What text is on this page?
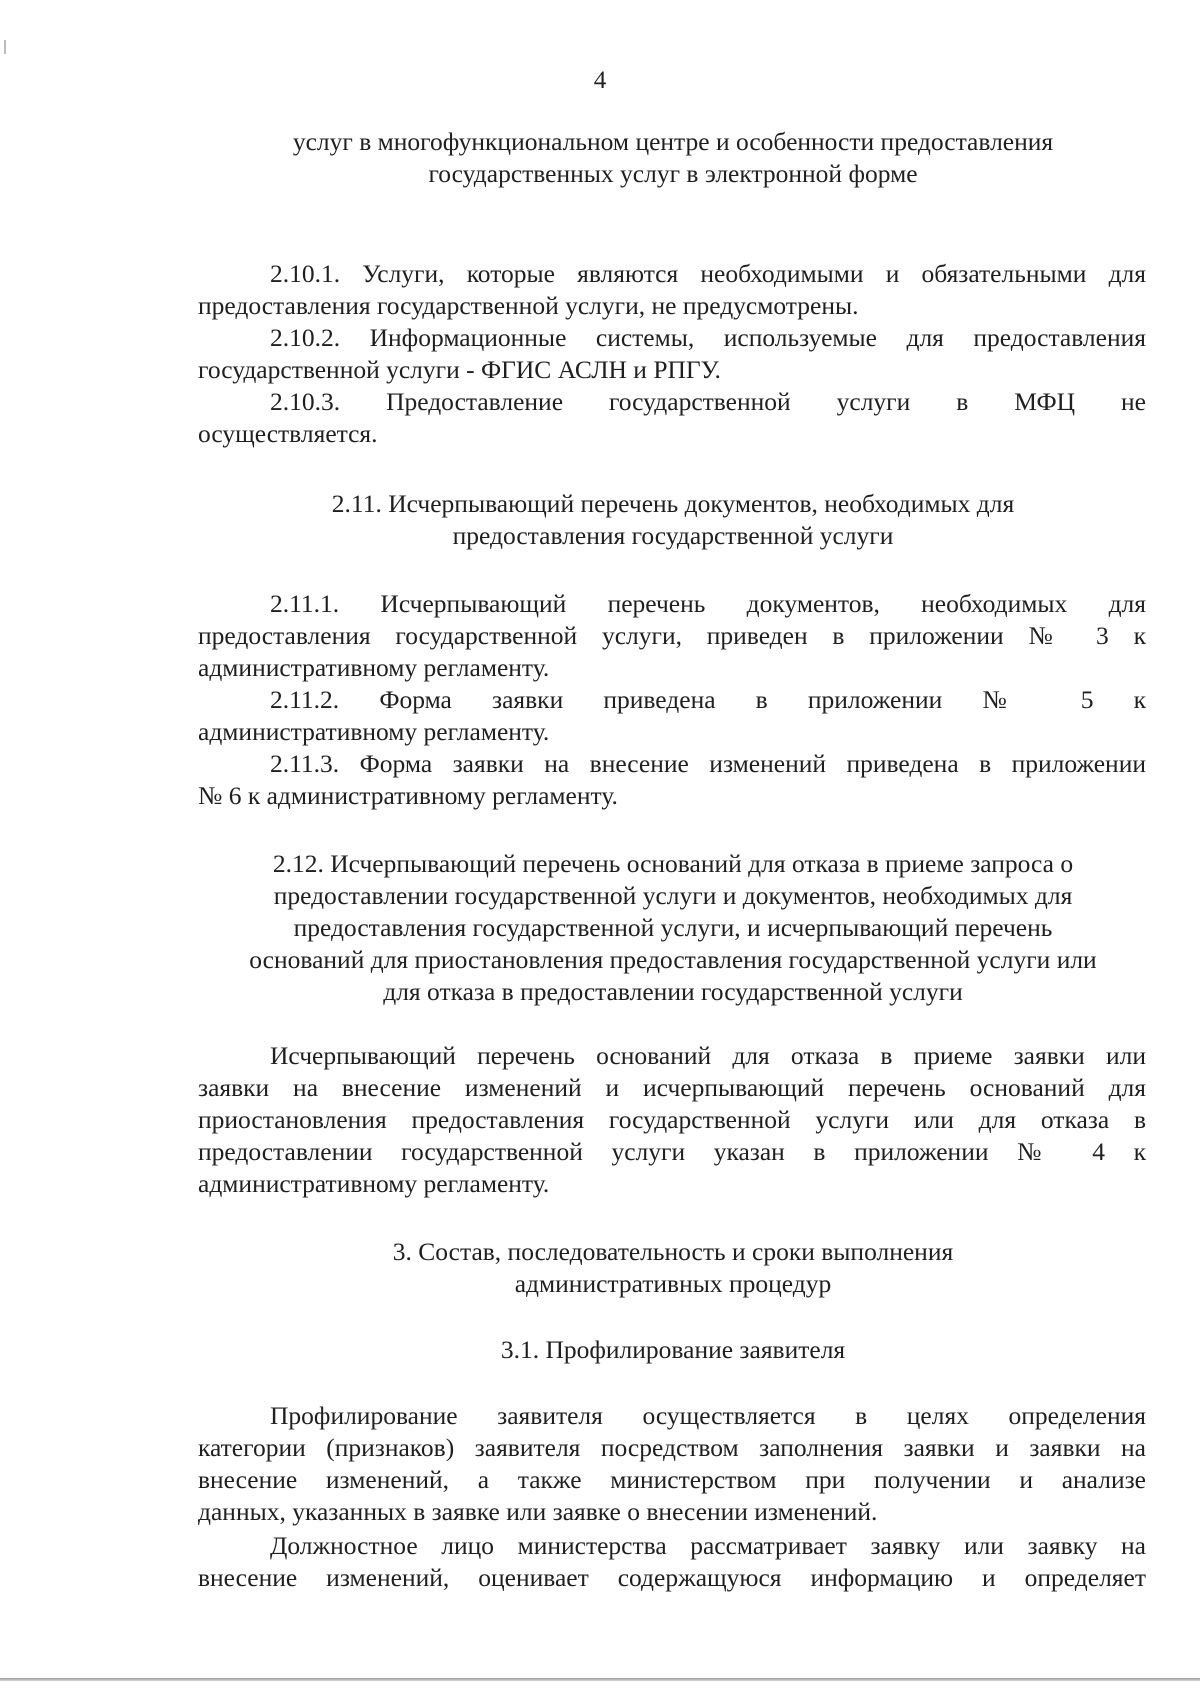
4
услуг в многофункциональном центре и особенности предоставления
государственных услуг в электронной форме
2.10.1. Услуги, которые являются необходимыми и обязательными для
предоставления государственной услуги, не предусмотрены.
2.10.2. Информационные системы, используемые для предоставления
государственной услуги - ФГИС АСЛН и РПГУ.
2.10.3. Предоставление государственной услуги в МФЦ не
осуществляется.
2.11. Исчерпывающий перечень документов, необходимых для
предоставления государственной услуги
2.11.1. Исчерпывающий перечень документов, необходимых для
предоставления государственной услуги, приведен в приложении № 3 к
административному регламенту.
2.11.2. Форма заявки приведена в приложении № 5 к
административному регламенту.
2.11.3. Форма заявки на внесение изменений приведена в приложении
№ 6 к административному регламенту.
2.12. Исчерпывающий перечень оснований для отказа в приеме запроса о
предоставлении государственной услуги и документов, необходимых для
предоставления государственной услуги, и исчерпывающий перечень
оснований для приостановления предоставления государственной услуги или
для отказа в предоставлении государственной услуги
Исчерпывающий перечень оснований для отказа в приеме заявки или
заявки на внесение изменений и исчерпывающий перечень оснований для
приостановления предоставления государственной услуги или для отказа в
предоставлении государственной услуги указан в приложении № 4 к
административному регламенту.
3. Состав, последовательность и сроки выполнения
административных процедур
3.1. Профилирование заявителя
Профилирование заявителя осуществляется в целях определения
категории (признаков) заявителя посредством заполнения заявки и заявки на
внесение изменений, а также министерством при получении и анализе
данных, указанных в заявке или заявке о внесении изменений.
Должностное лицо министерства рассматривает заявку или заявку на
внесение изменений, оценивает содержащуюся информацию и определяет
